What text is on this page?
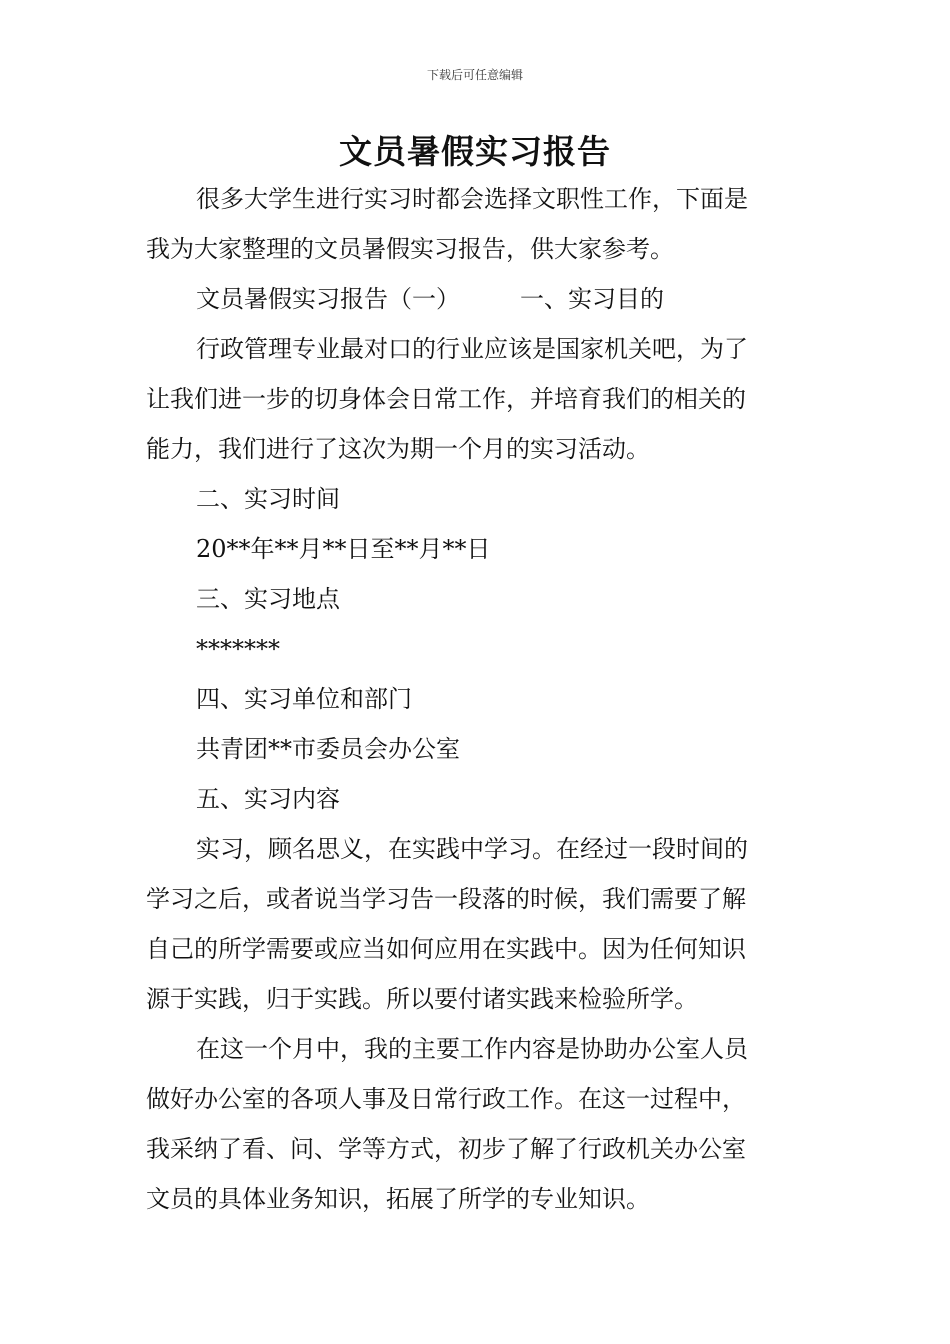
下载后可任意编辑
文员暑假实习报告
很多大学生进行实习时都会选择文职性工作，下面是
我为大家整理的文员暑假实习报告，供大家参考。
文员暑假实习报告（一）　　　一、实习目的
行政管理专业最对口的行业应该是国家机关吧，为了
让我们进一步的切身体会日常工作，并培育我们的相关的
能力，我们进行了这次为期一个月的实习活动。
二、实习时间
20**年**月**日至**月**日
三、实习地点
*******
四、实习单位和部门
共青团**市委员会办公室
五、实习内容
实习，顾名思义，在实践中学习。在经过一段时间的
学习之后，或者说当学习告一段落的时候，我们需要了解
自己的所学需要或应当如何应用在实践中。因为任何知识
源于实践，归于实践。所以要付诸实践来检验所学。
在这一个月中，我的主要工作内容是协助办公室人员
做好办公室的各项人事及日常行政工作。在这一过程中，
我采纳了看、问、学等方式，初步了解了行政机关办公室
文员的具体业务知识，拓展了所学的专业知识。
